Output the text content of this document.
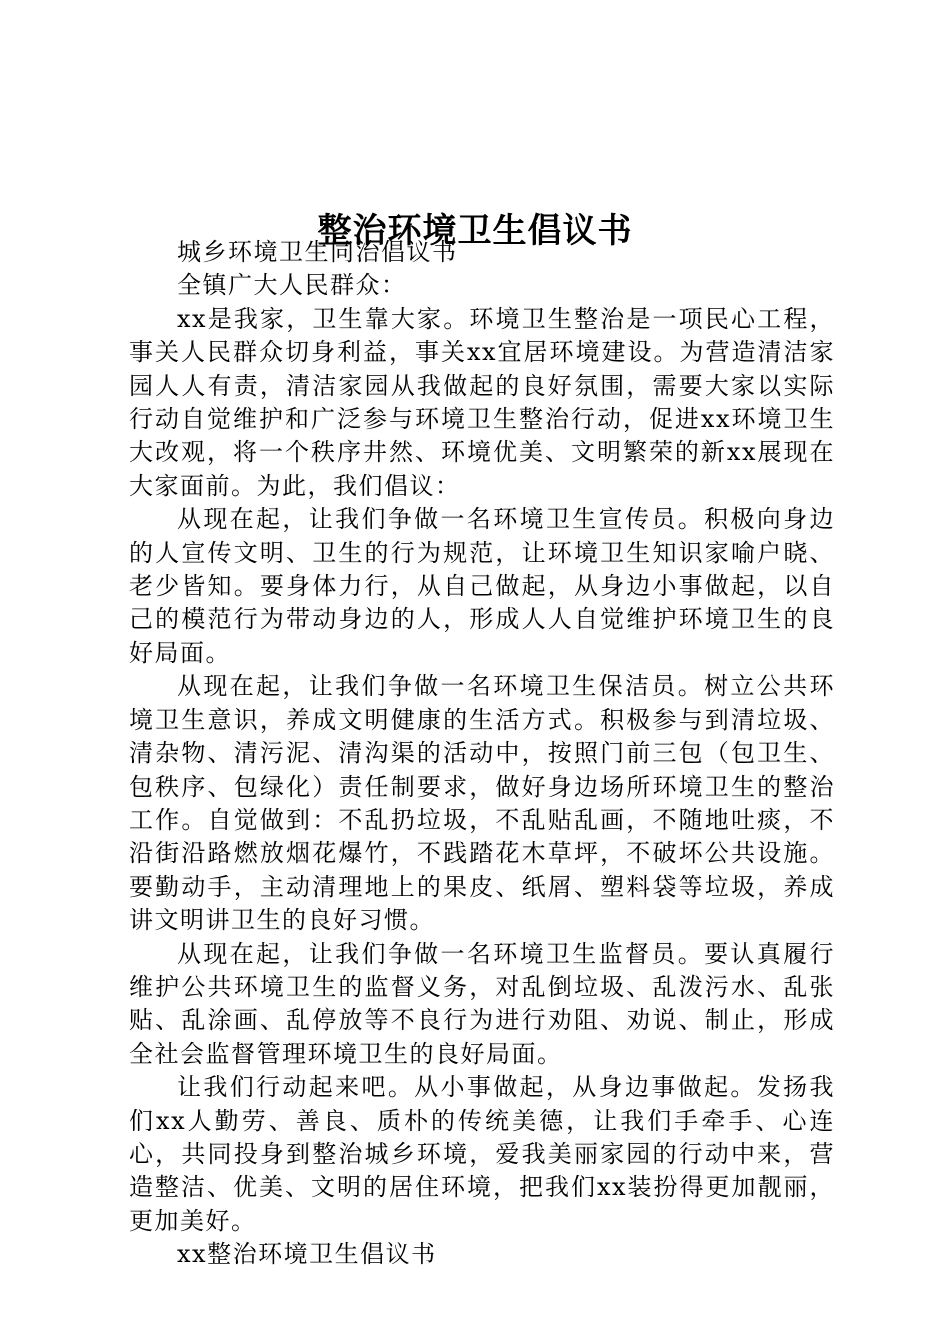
整治环境卫生倡议书

城乡环境卫生同治倡议书

全镇广大人民群众：

xx是我家，卫生靠大家。环境卫生整治是一项民心工程，事关人民群众切身利益，事关xx宜居环境建设。为营造清洁家园人人有责，清洁家园从我做起的良好氛围，需要大家以实际行动自觉维护和广泛参与环境卫生整治行动，促进xx环境卫生大改观，将一个秩序井然、环境优美、文明繁荣的新xx展现在大家面前。为此，我们倡议：

从现在起，让我们争做一名环境卫生宣传员。积极向身边的人宣传文明、卫生的行为规范，让环境卫生知识家喻户晓、老少皆知。要身体力行，从自己做起，从身边小事做起，以自己的模范行为带动身边的人，形成人人自觉维护环境卫生的良好局面。

从现在起，让我们争做一名环境卫生保洁员。树立公共环境卫生意识，养成文明健康的生活方式。积极参与到清垃圾、清杂物、清污泥、清沟渠的活动中，按照门前三包（包卫生、包秩序、包绿化）责任制要求，做好身边场所环境卫生的整治工作。自觉做到：不乱扔垃圾，不乱贴乱画，不随地吐痰，不沿街沿路燃放烟花爆竹，不践踏花木草坪，不破坏公共设施。要勤动手，主动清理地上的果皮、纸屑、塑料袋等垃圾，养成讲文明讲卫生的良好习惯。

从现在起，让我们争做一名环境卫生监督员。要认真履行维护公共环境卫生的监督义务，对乱倒垃圾、乱泼污水、乱张贴、乱涂画、乱停放等不良行为进行劝阻、劝说、制止，形成全社会监督管理环境卫生的良好局面。

让我们行动起来吧。从小事做起，从身边事做起。发扬我们xx人勤劳、善良、质朴的传统美德，让我们手牵手、心连心，共同投身到整治城乡环境，爱我美丽家园的行动中来，营造整洁、优美、文明的居住环境，把我们xx装扮得更加靓丽，更加美好。

xx整治环境卫生倡议书
